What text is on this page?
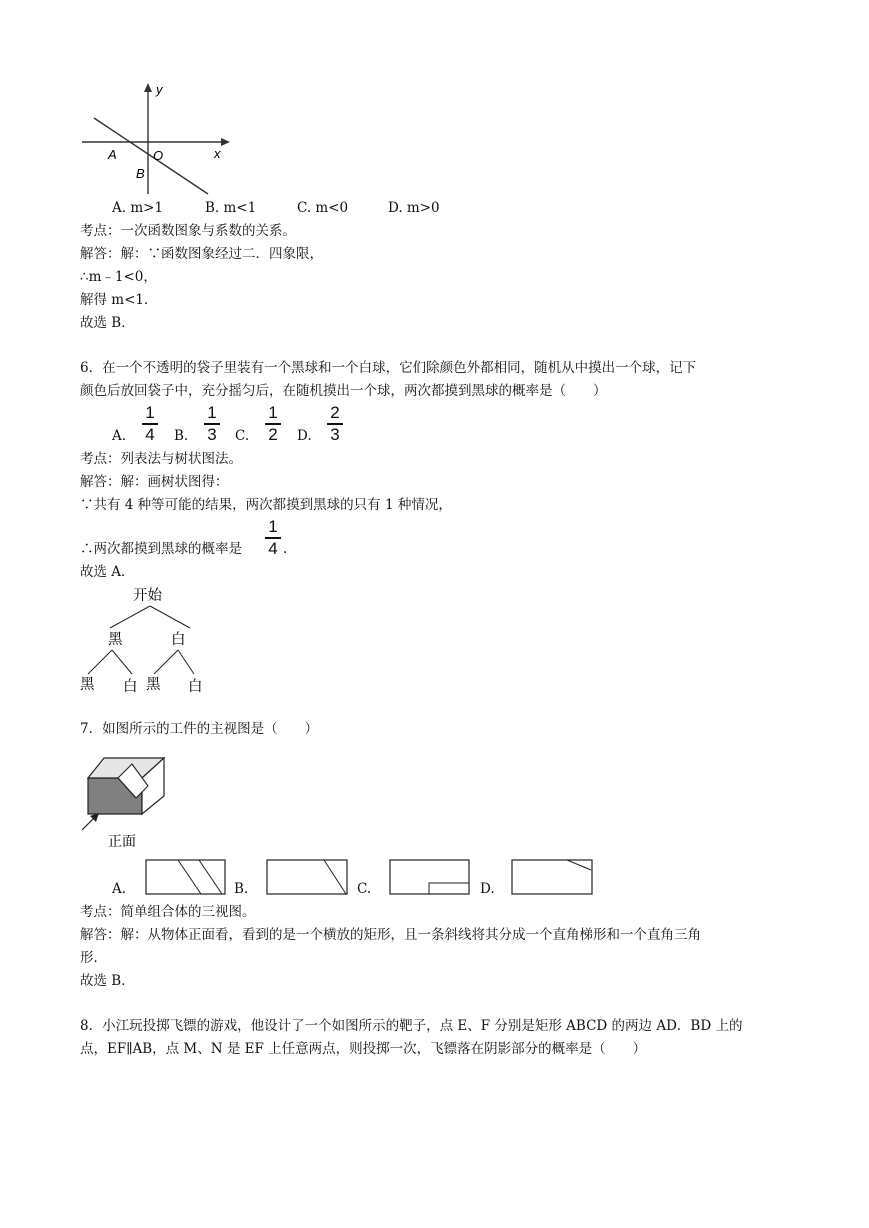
y
x
A	O
B
A. m>1	B. m<1	C. m<0	D. m>0
考点：一次函数图象与系数的关系。
解答：解：∵函数图象经过二．四象限，
∴m﹣1<0，
解得 m<1．
故选 B．
6．在一个不透明的袋子里装有一个黑球和一个白球，它们除颜色外都相同，随机从中摸出一个球，记下
颜色后放回袋子中，充分摇匀后，在随机摸出一个球，两次都摸到黑球的概率是（　　）
A.
1
4	B.
1
3	C.
1
2	D.
2
3
考点：列表法与树状图法。
解答：解：画树状图得：
∵共有 4 种等可能的结果，两次都摸到黑球的只有 1 种情况，
∴两次都摸到黑球的概率是
1
4 .
故选 A．
开始
黑	白
黑 白 黑 白
7．如图所示的工件的主视图是（　　）
正面
A.	B.	C.	D.
考点：简单组合体的三视图。
解答：解：从物体正面看，看到的是一个横放的矩形，且一条斜线将其分成一个直角梯形和一个直角三角
形．
故选 B．
8．小江玩投掷飞镖的游戏，他设计了一个如图所示的靶子，点 E、F 分别是矩形 ABCD 的两边 AD．BD 上的
点，EF∥AB，点 M、N 是 EF 上任意两点，则投掷一次，飞镖落在阴影部分的概率是（　　）
